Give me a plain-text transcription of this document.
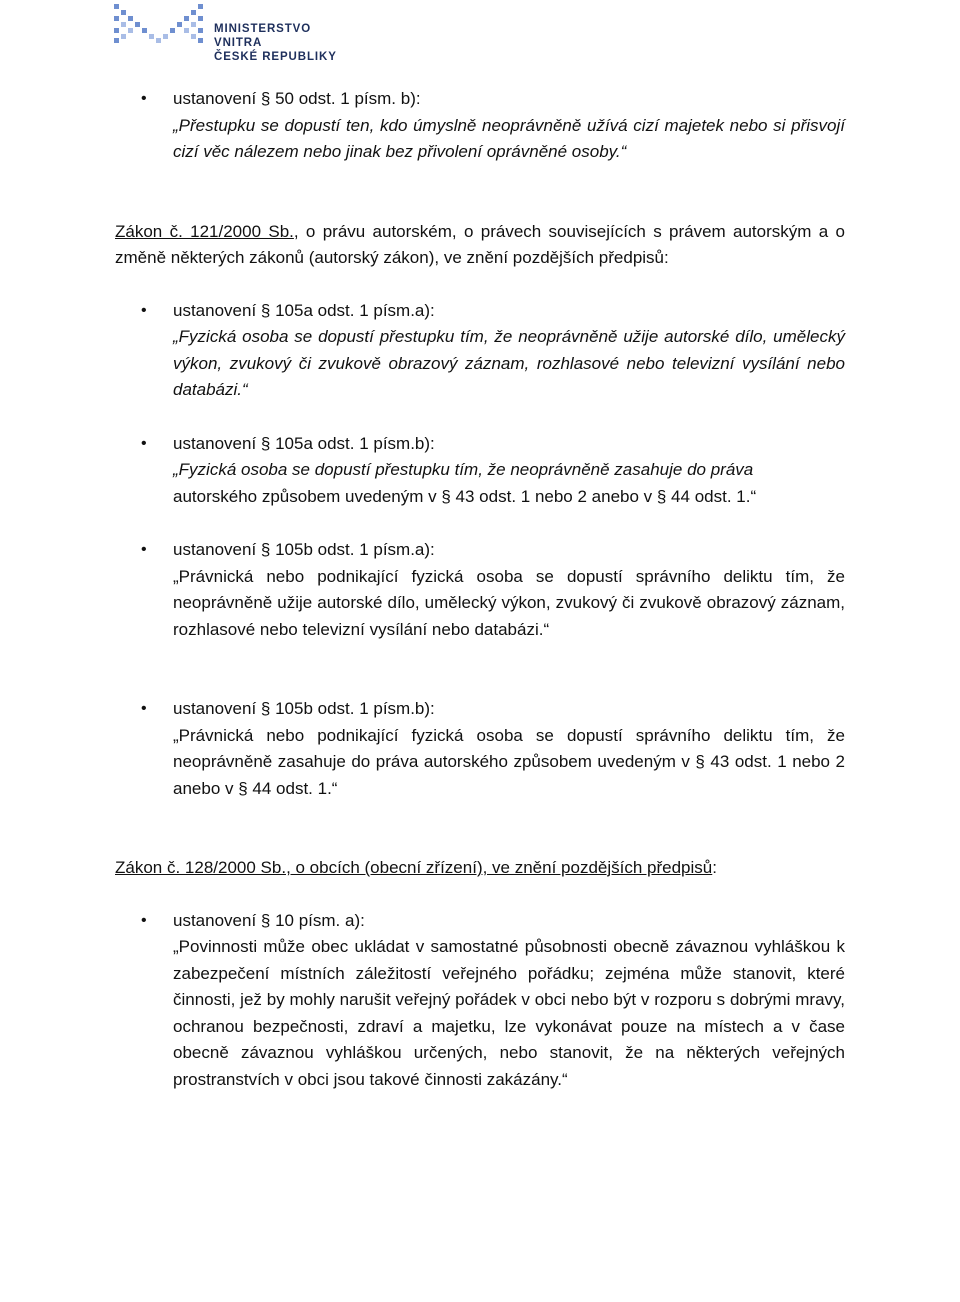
MINISTERSTVO VNITRA
ČESKÉ REPUBLIKY
• ustanovení § 50 odst. 1 písm. b):
„Přestupku se dopustí ten, kdo úmyslně neoprávněně užívá cizí majetek nebo si přisvojí cizí věc nálezem nebo jinak bez přivolení oprávněné osoby.“
Zákon č. 121/2000 Sb., o právu autorském, o právech souvisejících s právem autorským a o změně některých zákonů (autorský zákon), ve znění pozdějších předpisů:
• ustanovení § 105a odst. 1 písm.a):
„Fyzická osoba se dopustí přestupku tím, že neoprávněně užije autorské dílo, umělecký výkon, zvukový či zvukově obrazový záznam, rozhlasové nebo televizní vysílání nebo databázi.“
• ustanovení § 105a odst. 1 písm.b):
„Fyzická osoba se dopustí přestupku tím, že neoprávněně zasahuje do práva
autorského způsobem uvedeným v § 43 odst. 1 nebo 2 anebo v § 44 odst. 1.“
• ustanovení § 105b odst. 1 písm.a):
„Právnická nebo podnikající fyzická osoba se dopustí správního deliktu tím, že neoprávněně užije autorské dílo, umělecký výkon, zvukový či zvukově obrazový záznam, rozhlasové nebo televizní vysílání nebo databázi.“
• ustanovení § 105b odst. 1 písm.b):
„Právnická nebo podnikající fyzická osoba se dopustí správního deliktu tím, že neoprávněně zasahuje do práva autorského způsobem uvedeným v § 43 odst. 1 nebo 2 anebo v § 44 odst. 1.“
Zákon č. 128/2000 Sb., o obcích (obecní zřízení), ve znění pozdějších předpisů:
• ustanovení § 10 písm. a):
„Povinnosti může obec ukládat v samostatné působnosti obecně závaznou vyhláškou k zabezpečení místních záležitostí veřejného pořádku; zejména může stanovit, které činnosti, jež by mohly narušit veřejný pořádek v obci nebo být v rozporu s dobrými mravy, ochranou bezpečnosti, zdraví a majetku, lze vykonávat pouze na místech a v čase obecně závaznou vyhláškou určených, nebo stanovit, že na některých veřejných prostranstvích v obci jsou takové činnosti zakázány.“
